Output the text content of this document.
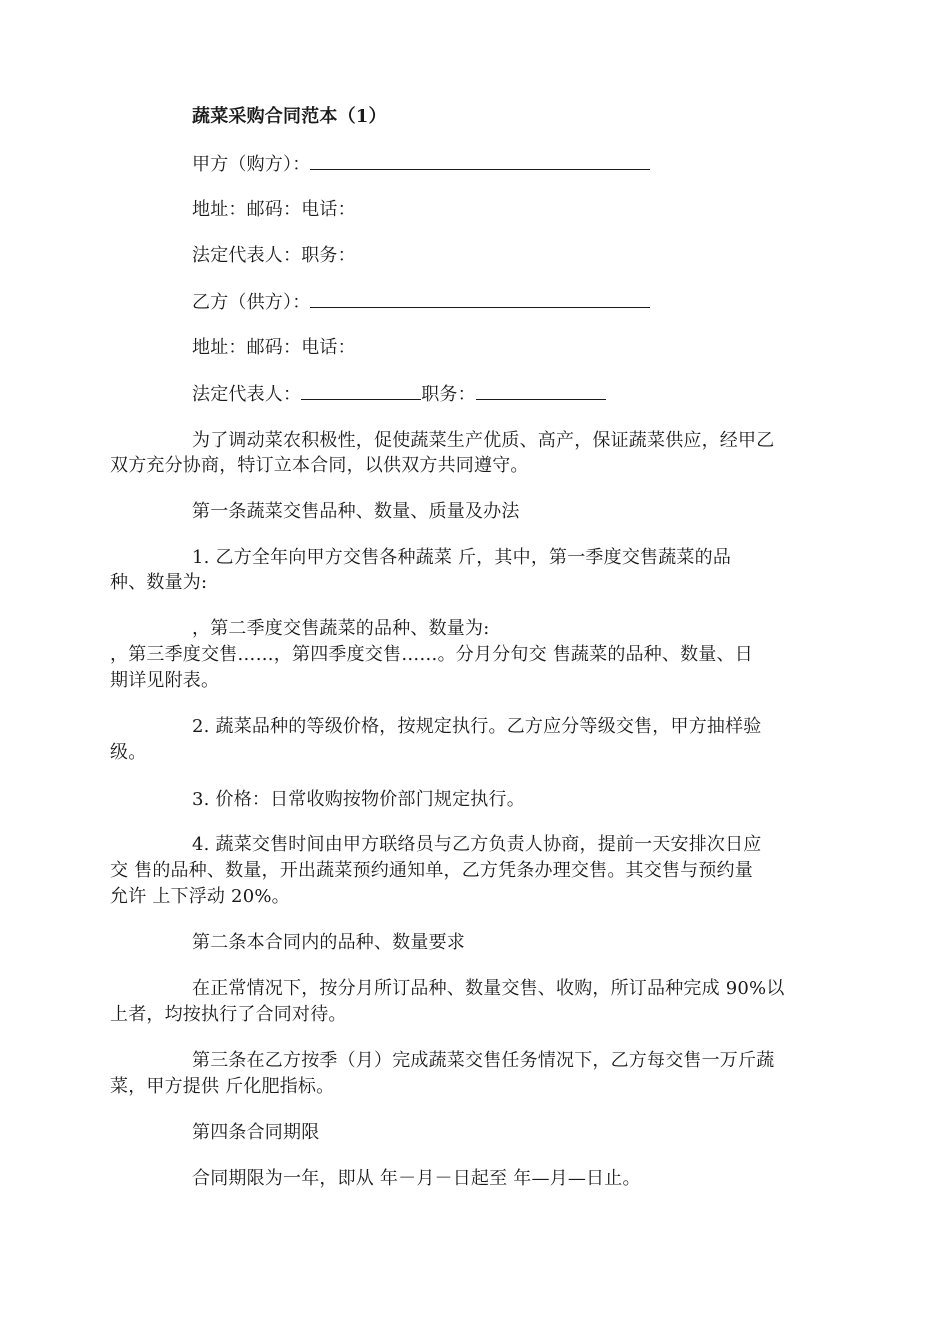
蔬菜采购合同范本（1）
甲方（购方）：
地址：邮码：电话：
法定代表人：职务：
乙方（供方）：
地址：邮码：电话：
法定代表人：	职务：
为了调动菜农积极性，促使蔬菜生产优质、高产，保证蔬菜供应，经甲乙
双方充分协商，特订立本合同，以供双方共同遵守。
第一条蔬菜交售品种、数量、质量及办法
1. 乙方全年向甲方交售各种蔬菜 斤，其中，第一季度交售蔬菜的品
种、数量为:
，第二季度交售蔬菜的品种、数量为:
，第三季度交售……，第四季度交售……。分月分旬交 售蔬菜的品种、数量、日
期详见附表。
2. 蔬菜品种的等级价格，按规定执行。乙方应分等级交售，甲方抽样验
级。
3. 价格：日常收购按物价部门规定执行。
4. 蔬菜交售时间由甲方联络员与乙方负责人协商，提前一天安排次日应
交 售的品种、数量，开出蔬菜预约通知单，乙方凭条办理交售。其交售与预约量
允许 上下浮动 20%。
第二条本合同内的品种、数量要求
在正常情况下，按分月所订品种、数量交售、收购，所订品种完成 90%以
上者，均按执行了合同对待。
第三条在乙方按季（月）完成蔬菜交售任务情况下，乙方每交售一万斤蔬
菜，甲方提供 斤化肥指标。
第四条合同期限
合同期限为一年，即从 年－月－日起至 年—月—日止。
